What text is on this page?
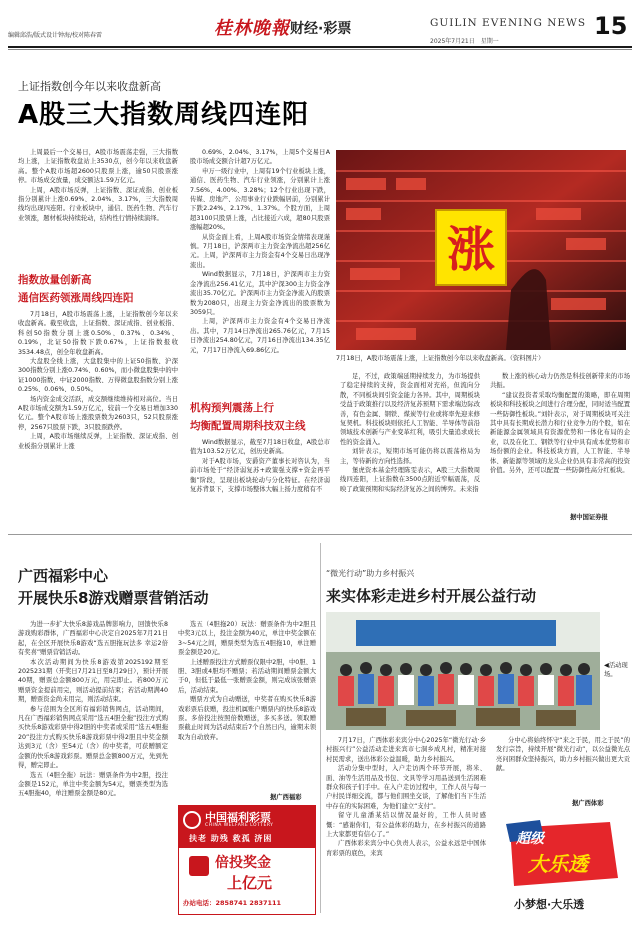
编辑邱浩/版式设计钟海/校对陈春雷	桂林晚報 财经·彩票	GUILIN EVENING NEWS
2025年7月21日　星期一
15
上证指数创今年以来收盘新高
A股三大指数周线四连阳

上周最后一个交易日，A股市场震荡走强，三大指数均上涨，上证指数收盘站上3530点，创今年以来收盘新高。整个A股市场超2600只股票上涨，逾50只股票涨停。市场成交放量，成交额达1.59万亿元。

上周，A股市场反弹，上证指数、深证成指、创业板指分别累计上涨0.69%、2.04%、3.17%，三大指数周线均出现四连阳。行业板块中，通信、医药生物、汽车行业领涨，题材板块持续轮动，结构性行情持续演绎。

指数放量创新高
通信医药领涨周线四连阳

7月18日，A股市场震荡上涨，上证指数创今年以来收盘新高。截至收盘，上证指数、深证成指、创业板指、科创50指数分别上涨0.50%、0.37%、0.34%、0.19%，北证50指数下跌0.67%，上证指数报收3534.48点，创全年收盘新高。

大盘股全线上涨，大盘股集中的上证50指数、沪深300指数分别上涨0.74%、0.60%，而小微盘股集中的中证1000指数、中证2000指数、万得微盘股指数分别上涨0.25%、0.06%、0.50%。

场内资金成交活跃，成交额继续维持相对高位。当日A股市场成交额为1.59万亿元，较前一个交易日增加330亿元。整个A股市场上涨股票数为2603只，52只股票涨停，2567只股票下跌，3只股票跌停。

上周，A股市场继续反弹，上证指数、深证成指、创业板指分别累计上涨

0.69%、2.04%、3.17%，上周5个交易日A股市场成交额合计超7万亿元。

申万一级行业中，上周有19个行业板块上涨，通信、医药生物、汽车行业领涨，分别累计上涨7.56%、4.00%、3.28%；12个行业出现下跌，传媒、房地产、公用事业行业跌幅居前，分别累计下跌2.24%、2.17%、1.37%。个股方面，上周超3100只股票上涨，占比接近六成，超80只股票涨幅超20%。

从资金面上看，上周A股市场资金情绪表现谨慎。7月18日，沪深两市主力资金净流出超256亿元。上周，沪深两市主力资金有4个交易日出现净流出。

Wind数据显示，7月18日，沪深两市主力资金净流出256.41亿元，其中沪深300主力资金净流出35.70亿元。沪深两市主力资金净流入的股票数为2080只，出现主力资金净流出的股票数为3059只。

上周，沪深两市主力资金有4个交易日净流出。其中，7月14日净流出265.76亿元，7月15日净流出254.80亿元，7月16日净流出134.35亿元，7月17日净流入69.86亿元。

机构预判震荡上行
均衡配置周期科技双主线

Wind数据显示，截至7月18日收盘，A股总市值为103.52万亿元，创历史新高。

对于A股市场，安爵资产董事长对咨认为，当前市场处于“经济弱复苏+政策强支撑+资金再平衡”阶段，呈现出板块轮动与分化特征。在经济弱复苏背景下，支撑市场整体大幅上扬力度稍有不

涨
7月18日，A股市场震荡上涨，上证指数创今年以来收盘新高。（资料图片）

足，不过，政策端延期持续发力，为市场提供了稳定持续的支持，资金面相对充裕，但流向分散，不同板块间引资金能力各异。其中，周期板块受益于政策推行以及经济复苏预期下需求端边际改善，有色金属、钢铁、煤炭等行业或将率先迎来修复契机。科技板块则依托人工智能、半导体等前沿领域技术创新与产业变革红利，吸引大量追求成长性的资金涌入。

刘针表示，短期市场可能仍将以震荡格局为主，等待新的方向性选择。

堡虎资本基金经理陈雯表示，A股三大指数周线四连阳，上证指数在3500点附近窄幅震荡，反映了政策预期和实际经济复苏之间的博弈。未来指

数上涨的核心动力仍然是科技创新带来的市场共振。

“建议投资者采取均衡配置的策略，即在周期板块和科技板块之间进行合理分配，同时适当配置一些防御性板块。”刘针表示，对于周期板块可关注其中具有长期成长潜力和行业竞争力的个股，如在新能源金属领域具有资源优势和一体化布局的企业，以及在化工、钢铁等行业中具有成本优势和市场份额的企业。科技板块方面，人工智能、半导体、新能源等领域的龙头企业仍具有非常高的投资价值。另外，还可以配置一些防御性高分红板块。

据中国证券报
广西福彩中心
开展快乐8游戏赠票营销活动

为进一步扩大快乐8游戏品牌影响力，回馈快乐8游戏购彩群体，广西福彩中心决定自2025年7月21日起，在全区开展快乐8游戏“选五胆拖玩法多 幸运2倍有奖喜”赠票营销活动。

本次活动期间为快乐8游戏第2025192期至2025231期（开奖日7月21日至8月29日），预计开展40期，赠票总金额800万元，用完即止。若800万元赠票资金提前用完，则活动提前结束；若活动期满40期，赠票资金尚未用完，则活动结束。

参与范围为全区所有福彩销售网点，活动期间，凡在广西福彩销售网点采用“选五4胆全拖”投注方式购买快乐8游戏彩票中得2胆的中奖者或采用“选五4胆拖20”投注方式购买快乐8游戏彩票中得2胆且中奖金额达到3元（含）至54元（含）的中奖者，可获赠额定金额的快乐8游戏彩票。赠票总金额800万元，先到先得，赠完即止。

选五（4胆全拖）玩法：赠票条件为中2胆，投注金额是152元，单注中奖金额为54元，赠票类型为选五4胆拖40，单注赠票金额是80元。

选五（4胆拖20）玩法：赠票条件为中2胆且中奖3元以上，投注金额为40元，单注中奖金额在3~54元之间，赠票类型为选五4胆拖10，单注赠票金额是20元。

上述赠票投注方式赠票仅限中2胆，中0胆、1胆、3胆或4胆均不赠票；若活动期间赠票金额大于0，但低于最低一张赠票金额，则完成该张赠票后，活动结束。

赠票方式为自动赠送，中奖者在购买快乐8游戏彩票后获赠，投注机属账户赠票内的快乐8游戏票。多倍投注按照倍数赠送，多买多送。领取赠票截止时间为活动结束后7个自然日内，逾期未领取为自动放弃。

据广西福彩
中国福利彩票
CHINA WELFARE LOTTERY
扶老 助残 救孤 济困
倍投奖金
上亿元
办站电话：2858741 2837111
“微光行动”助力乡村振兴
来实体彩走进乡村开展公益行动
◀活动现场。

7月17日，广西体彩来宾分中心2025年“微光行动·乡村振兴行”公益活动走进来宾市七洞乡成凡村，精准对接村民需求，送出体彩公益温暖，助力乡村振兴。

活动分集中型时，入户走访两个环节开展，将米、面、油等生活用品及书包、文具等学习用品送到生活困难群众和孩子们手中。在入户走访过程中，工作人员与每一户村民详细交流，都与他们围坐交谈，了解他们当下生活中存在的实际困难，为他们建立“支付”。

留守儿童潘某结以情况最好的，工作人员时感慨：“感谢你们，有公益体彩的助力，在乡村振兴的道路上大家都更有信心了。”

广西体彩来宾分中心负责人表示，公益永远是中国体育彩票的底色，来宾

分中心将始终怀守“来之于民，用之于民”的发行宗旨，持续开展“微光行动”，以公益微光点亮问困群众坚持振兴，助力乡村振兴做出更大贡献。

据广西体彩
超级
大乐透
小梦想·大乐透
